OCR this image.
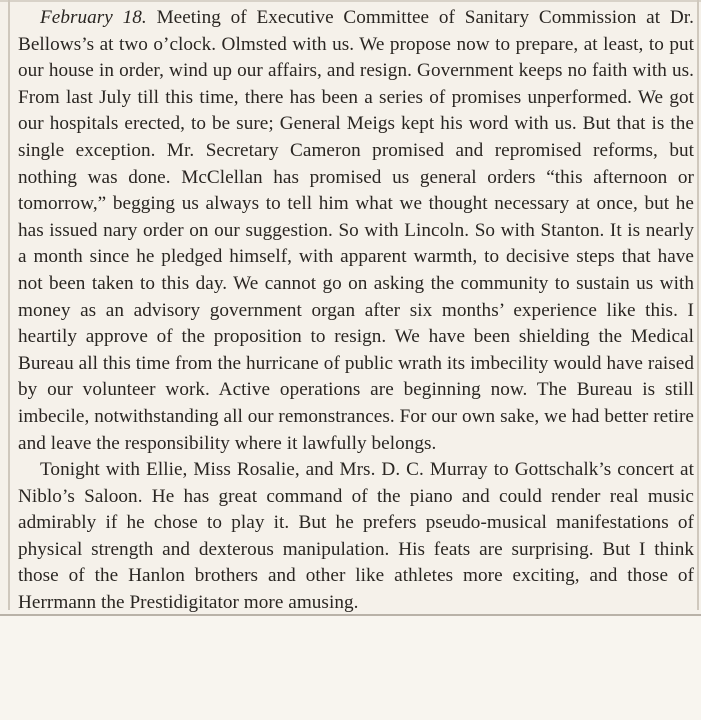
February 18. Meeting of Executive Committee of Sanitary Commission at Dr. Bellows’s at two o’clock. Olmsted with us. We propose now to prepare, at least, to put our house in order, wind up our affairs, and resign. Government keeps no faith with us. From last July till this time, there has been a series of promises unperformed. We got our hospitals erected, to be sure; General Meigs kept his word with us. But that is the single exception. Mr. Secretary Cameron promised and repromised reforms, but nothing was done. McClellan has promised us general orders “this afternoon or tomorrow,” begging us always to tell him what we thought necessary at once, but he has issued nary order on our suggestion. So with Lincoln. So with Stanton. It is nearly a month since he pledged himself, with apparent warmth, to decisive steps that have not been taken to this day. We cannot go on asking the community to sustain us with money as an advisory government organ after six months’ experience like this. I heartily approve of the proposition to resign. We have been shielding the Medical Bureau all this time from the hurricane of public wrath its imbecility would have raised by our volunteer work. Active operations are beginning now. The Bureau is still imbecile, notwithstanding all our remonstrances. For our own sake, we had better retire and leave the responsibility where it lawfully belongs.

Tonight with Ellie, Miss Rosalie, and Mrs. D. C. Murray to Gottschalk’s concert at Niblo’s Saloon. He has great command of the piano and could render real music admirably if he chose to play it. But he prefers pseudo-musical manifestations of physical strength and dexterous manipulation. His feats are surprising. But I think those of the Hanlon brothers and other like athletes more exciting, and those of Herrmann the Prestidigitator more amusing.
